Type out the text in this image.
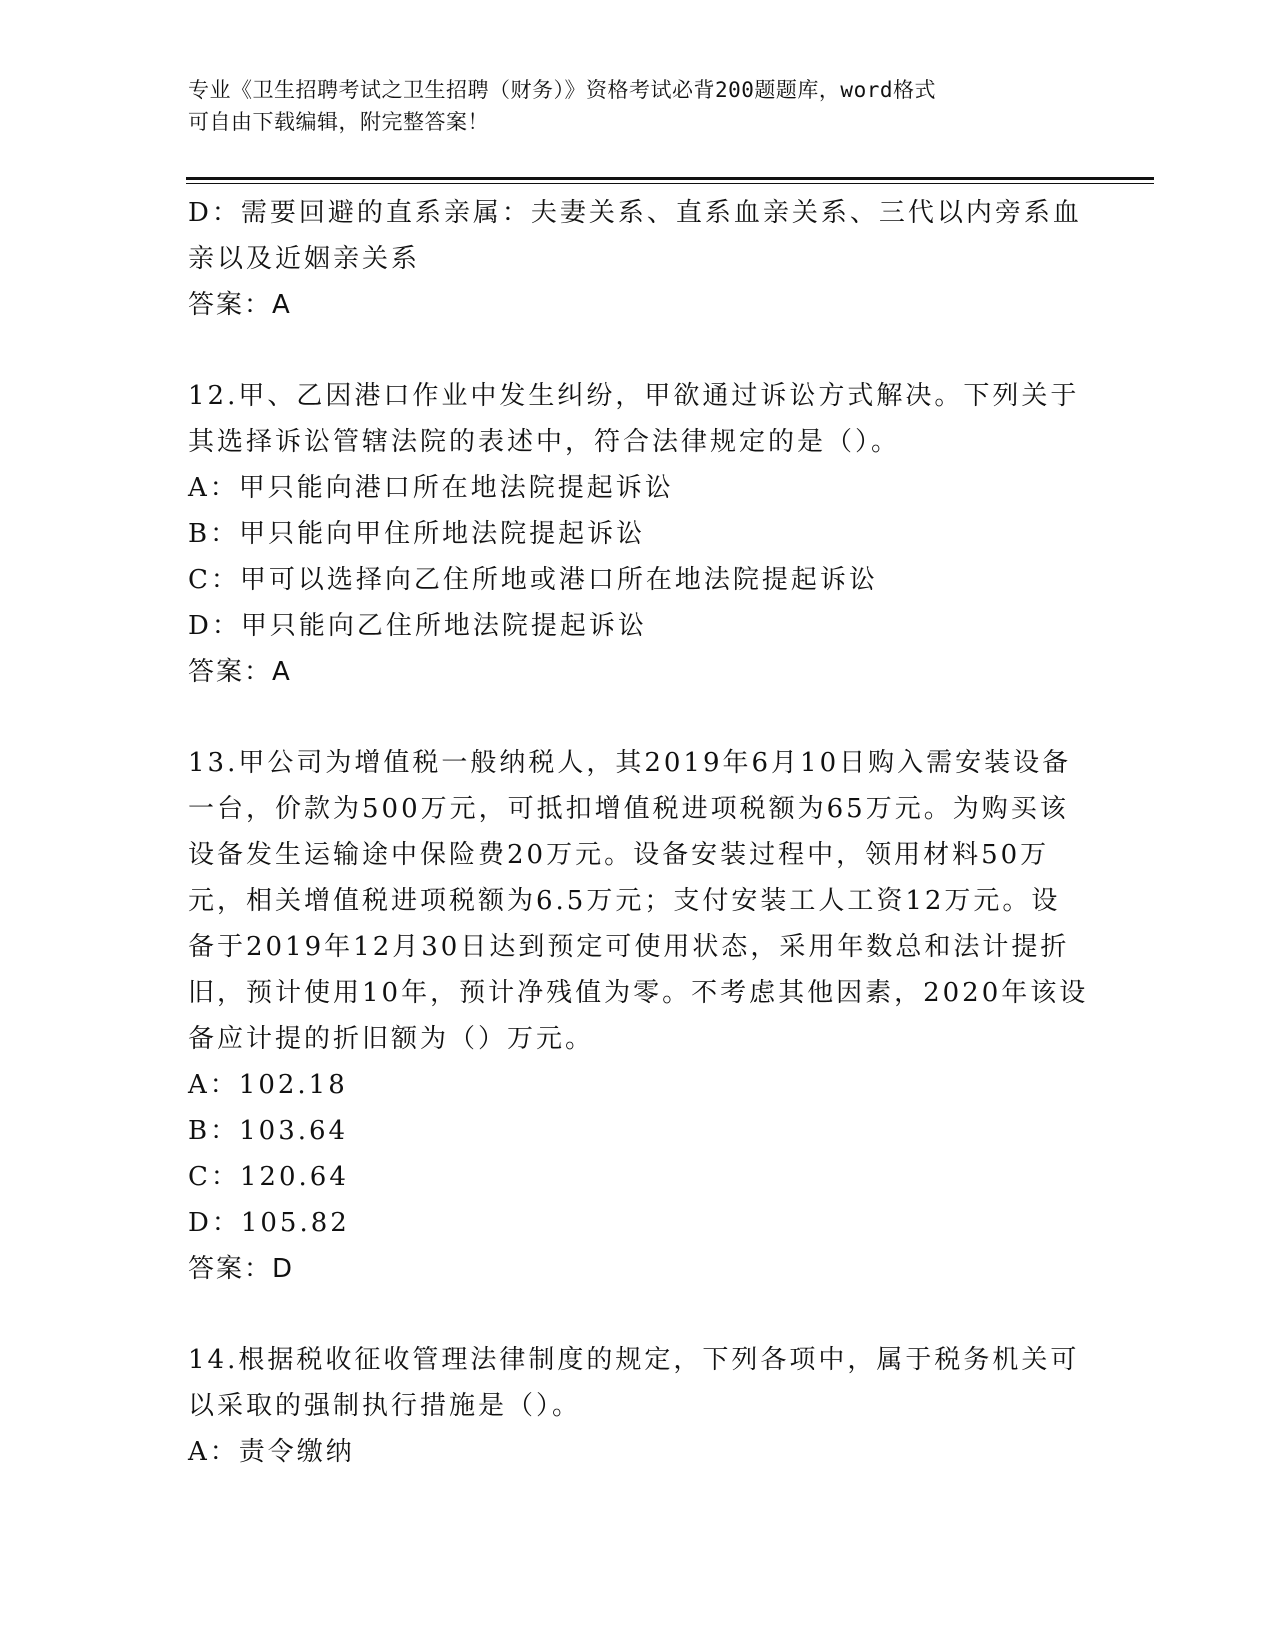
专业《卫生招聘考试之卫生招聘（财务）》资格考试必背200题题库，word格式
可自由下载编辑，附完整答案！
D：需要回避的直系亲属：夫妻关系、直系血亲关系、三代以内旁系血
亲以及近姻亲关系
答案：A
12.甲、乙因港口作业中发生纠纷，甲欲通过诉讼方式解决。下列关于
其选择诉讼管辖法院的表述中，符合法律规定的是（）。
A：甲只能向港口所在地法院提起诉讼
B：甲只能向甲住所地法院提起诉讼
C：甲可以选择向乙住所地或港口所在地法院提起诉讼
D：甲只能向乙住所地法院提起诉讼
答案：A
13.甲公司为增值税一般纳税人，其2019年6月10日购入需安装设备
一台，价款为500万元，可抵扣增值税进项税额为65万元。为购买该
设备发生运输途中保险费20万元。设备安装过程中，领用材料50万
元，相关增值税进项税额为6.5万元；支付安装工人工资12万元。设
备于2019年12月30日达到预定可使用状态，采用年数总和法计提折
旧，预计使用10年，预计净残值为零。不考虑其他因素，2020年该设
备应计提的折旧额为（）万元。
A：102.18
B：103.64
C：120.64
D：105.82
答案：D
14.根据税收征收管理法律制度的规定，下列各项中，属于税务机关可
以采取的强制执行措施是（）。
A：责令缴纳
